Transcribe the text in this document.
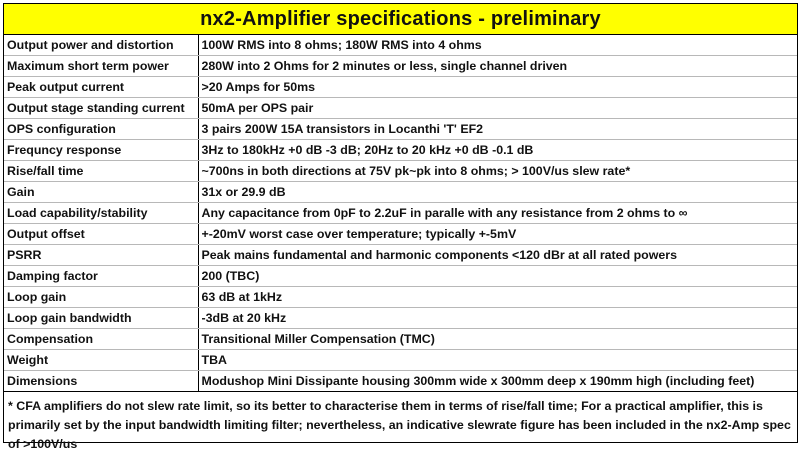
nx2-Amplifier specifications - preliminary
Output power and distortion	100W RMS into 8 ohms; 180W RMS into 4 ohms
Maximum short term power	280W into 2 Ohms for 2 minutes or less, single channel driven
Peak output current	>20 Amps for 50ms
Output stage standing current	50mA per OPS pair
OPS configuration	3 pairs 200W 15A transistors in Locanthi 'T' EF2
Frequncy response	3Hz to 180kHz +0 dB -3 dB; 20Hz to 20 kHz +0 dB -0.1 dB
Rise/fall time	~700ns in both directions at 75V pk~pk into 8 ohms; > 100V/us slew rate*
Gain	31x or 29.9 dB
Load capability/stability	Any capacitance from 0pF to 2.2uF in paralle with any resistance from 2 ohms to ∞
Output offset	+-20mV worst case over temperature; typically +-5mV
PSRR	Peak mains fundamental and harmonic components <120 dBr at all rated powers
Damping factor	200 (TBC)
Loop gain	63 dB at 1kHz
Loop gain bandwidth	-3dB at 20 kHz
Compensation	Transitional Miller Compensation (TMC)
Weight	TBA
Dimensions	Modushop Mini Dissipante housing 300mm wide x 300mm deep x 190mm high (including feet)
* CFA amplifiers do not slew rate limit, so its better to characterise them in terms of rise/fall time; For a practical amplifier, this is primarily set by the input bandwidth limiting filter; nevertheless, an indicative slewrate figure has been included in the nx2-Amp spec of >100V/us
